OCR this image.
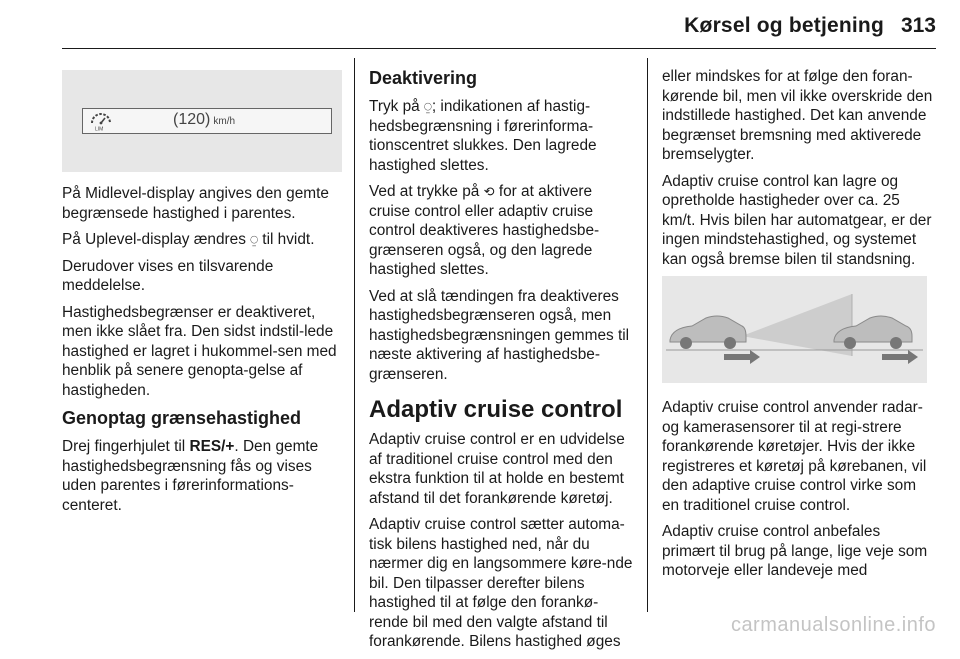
Kørsel og betjening 313
LIM
(120) km/h

På Midlevel-display angives den gemte begrænsede hastighed i parentes.

På Uplevel-display ændres ⍜ til hvidt.

Derudover vises en tilsvarende meddelelse.

Hastighedsbegrænser er deaktiveret, men ikke slået fra. Den sidst indstil-lede hastighed er lagret i hukommel-sen med henblik på senere genopta-gelse af hastigheden.

Genoptag grænsehastighed

Drej fingerhjulet til RES/+. Den gemte hastighedsbegrænsning fås og vises uden parentes i førerinformations-centeret.

Deaktivering

Tryk på ⍜; indikationen af hastig-hedsbegrænsning i førerinforma-tionscentret slukkes. Den lagrede hastighed slettes.

Ved at trykke på ⟲ for at aktivere cruise control eller adaptiv cruise control deaktiveres hastighedsbe-grænseren også, og den lagrede hastighed slettes.

Ved at slå tændingen fra deaktiveres hastighedsbegrænseren også, men hastighedsbegrænsningen gemmes til næste aktivering af hastighedsbe-grænseren.

Adaptiv cruise control

Adaptiv cruise control er en udvidelse af traditionel cruise control med den ekstra funktion til at holde en bestemt afstand til det forankørende køretøj.

Adaptiv cruise control sætter automa-tisk bilens hastighed ned, når du nærmer dig en langsommere køre-nde bil. Den tilpasser derefter bilens hastighed til at følge den forankø-rende bil med den valgte afstand til forankørende. Bilens hastighed øges

eller mindskes for at følge den foran-kørende bil, men vil ikke overskride den indstillede hastighed. Det kan anvende begrænset bremsning med aktiverede bremselygter.

Adaptiv cruise control kan lagre og opretholde hastigheder over ca. 25 km/t. Hvis bilen har automatgear, er der ingen mindstehastighed, og systemet kan også bremse bilen til standsning.

Adaptiv cruise control anvender radar- og kamerasensorer til at regi-strere forankørende køretøjer. Hvis der ikke registreres et køretøj på kørebanen, vil den adaptive cruise control virke som en traditionel cruise control.

Adaptiv cruise control anbefales primært til brug på lange, lige veje som motorveje eller landeveje med

carmanualsonline.info
